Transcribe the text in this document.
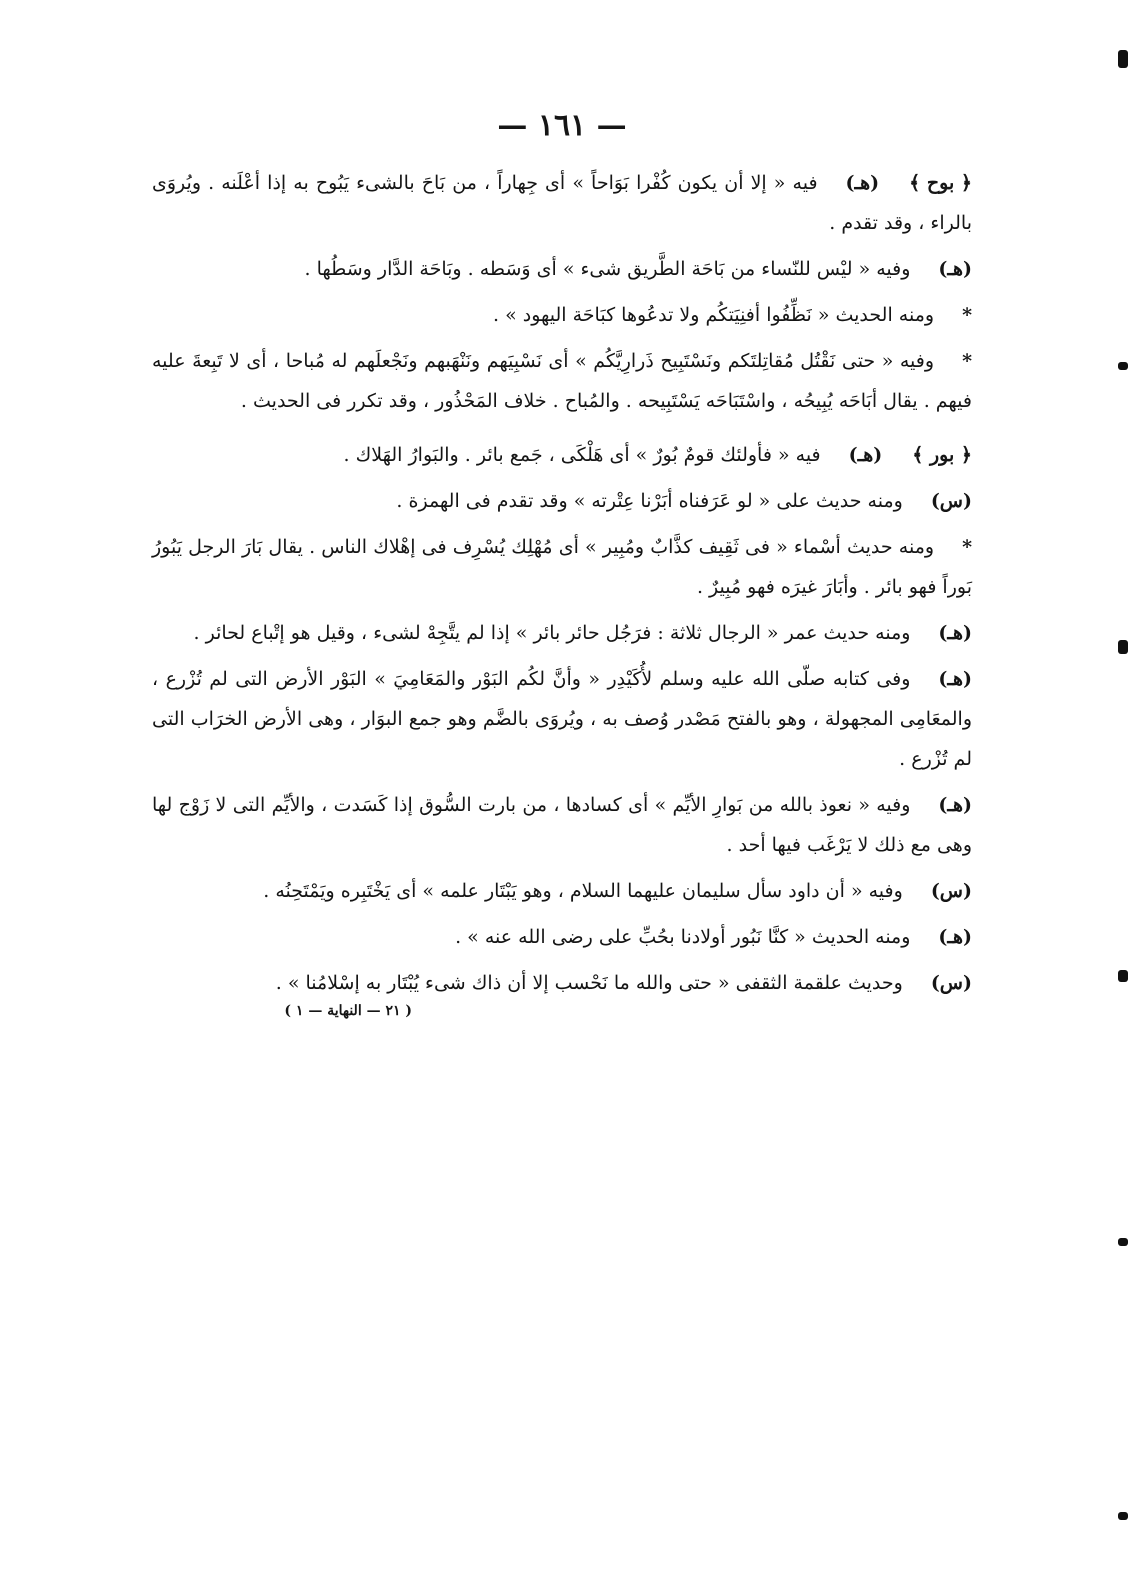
— ١٦١ —

﴿ بوح ﴾(هـ)فيه « إلا أن يكون كُفْرا بَوَاحاً » أى جِهاراً ، من بَاحَ بالشىء يَبُوح به إذا أعْلَنه . ويُروَى بالراء ، وقد تقدم .

(هـ)وفيه « ليْس للنّساء من بَاحَة الطَّريق شىء » أى وَسَطه . وبَاحَة الدَّار وسَطُها .

*ومنه الحديث « نَظِّفُوا أفنِيَتكُم ولا تدعُوها كبَاحَة اليهود » .

*وفيه « حتى نَقْتُل مُقاتِلتَكم ونَسْتَبِيح ذَرارِيَّكُم » أى نَسْبِيَهم ونَنْهَبهم ونَجْعلَهم له مُباحا ، أى لا تَبِعةَ عليه فيهم . يقال أبَاحَه يُبِيحُه ، واسْتَبَاحَه يَسْتَبِيحه . والمُباح . خلاف المَحْذُور ، وقد تكرر فى الحديث .

﴿ بور ﴾(هـ)فيه « فأولئك قومٌ بُورٌ » أى هَلْكَى ، جَمع بائر . والبَوارُ الهَلاك .

(س)ومنه حديث على « لو عَرَفناه أبَرْنا عِتْرته » وقد تقدم فى الهمزة .

*ومنه حديث أسْماء « فى ثَقِيف كذَّابٌ ومُبِير » أى مُهْلِك يُسْرِف فى إهْلاك الناس . يقال بَارَ الرجل يَبُورُ بَوراً فهو بائر . وأبَارَ غيرَه فهو مُبِيرٌ .

(هـ)ومنه حديث عمر « الرجال ثلاثة : فرَجُل حائر بائر » إذا لم يتَّجِهْ لشىء ، وقيل هو إتْباع لحائر .

(هـ)وفى كتابه صلّى الله عليه وسلم لأُكَيْدِر « وأنَّ لكُم البَوْر والمَعَامِيَ » البَوْر الأرض التى لم تُزْرع ، والمعَامِى المجهولة ، وهو بالفتح مَصْدر وُصف به ، ويُروَى بالضَّم وهو جمع البوَار ، وهى الأرض الخرَاب التى لم تُزْرع .

(هـ)وفيه « نعوذ بالله من بَوارِ الأيِّم » أى كسادها ، من بارت السُّوق إذا كَسَدت ، والأيِّم التى لا زَوْج لها وهى مع ذلك لا يَرْغَب فيها أحد .

(س)وفيه « أن داود سأل سليمان عليهما السلام ، وهو يَبْتَار علمه » أى يَخْتَبِره ويَمْتَحِنُه .

(هـ)ومنه الحديث « كنَّا نَبُور أولادنا بحُبِّ على رضى الله عنه » .

(س)وحديث علقمة الثقفى « حتى والله ما نَحْسب إلا أن ذاك شىء يُبْتَار به إسْلامُنا » .

( ٢١ — النهاية — ١ )
